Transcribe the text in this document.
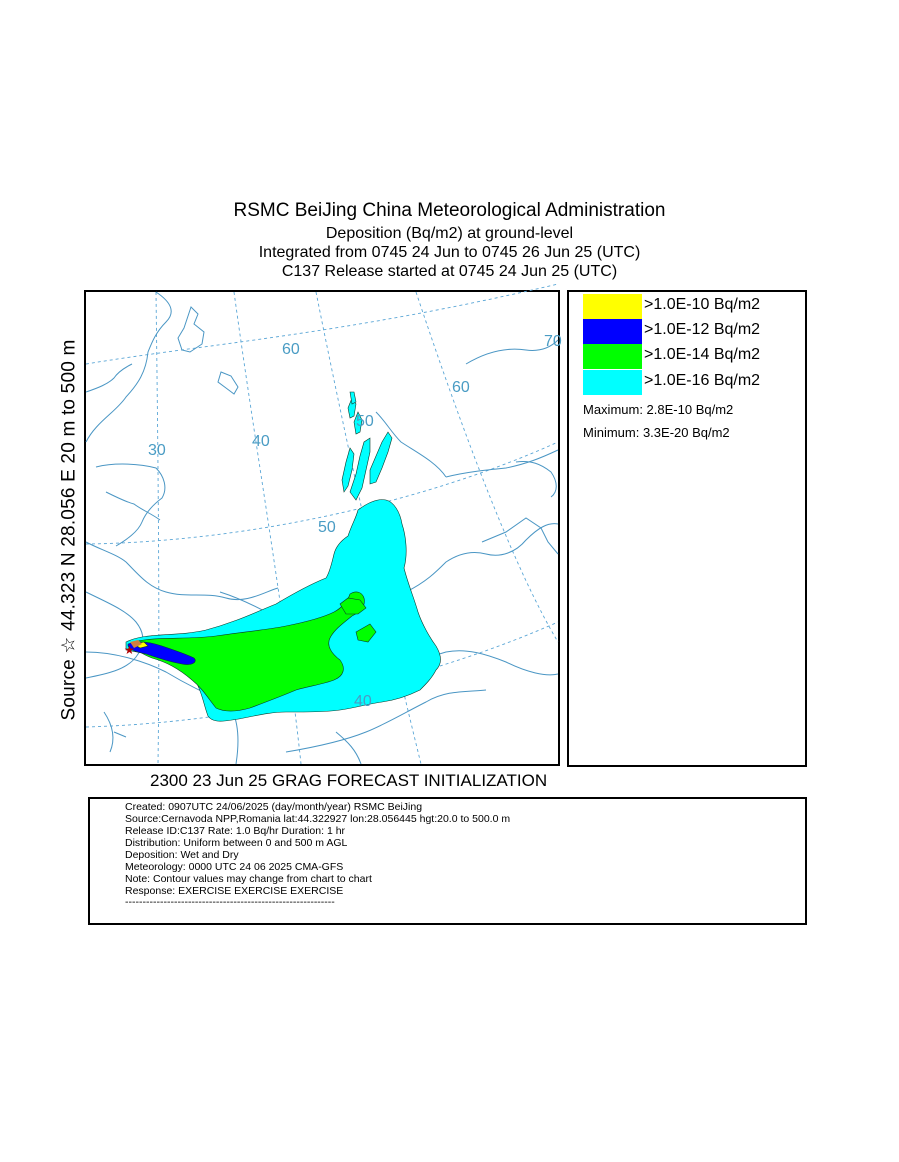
RSMC BeiJing China Meteorological Administration
Deposition (Bq/m2) at ground-level
Integrated from 0745 24 Jun to 0745 26 Jun 25 (UTC)
C137 Release started at 0745 24 Jun 25 (UTC)
Source ☆ 44.323 N 28.056 E 20 m to 500 m	★
60	70
60
50
40
30
50
40
>1.0E-10 Bq/m2
>1.0E-12 Bq/m2
>1.0E-14 Bq/m2
>1.0E-16 Bq/m2
Maximum: 2.8E-10 Bq/m2
Minimum: 3.3E-20 Bq/m2
2300 23 Jun 25 GRAG FORECAST INITIALIZATION
Created: 0907UTC 24/06/2025 (day/month/year) RSMC BeiJing
Source:Cernavoda NPP,Romania lat:44.322927 lon:28.056445 hgt:20.0 to 500.0 m
Release ID:C137 Rate: 1.0 Bq/hr Duration: 1 hr
Distribution: Uniform between 0 and 500 m AGL
Deposition: Wet and Dry
Meteorology: 0000 UTC 24 06 2025 CMA-GFS
Note: Contour values may change from chart to chart
Response: EXERCISE EXERCISE EXERCISE
------------------------------------------------------------
